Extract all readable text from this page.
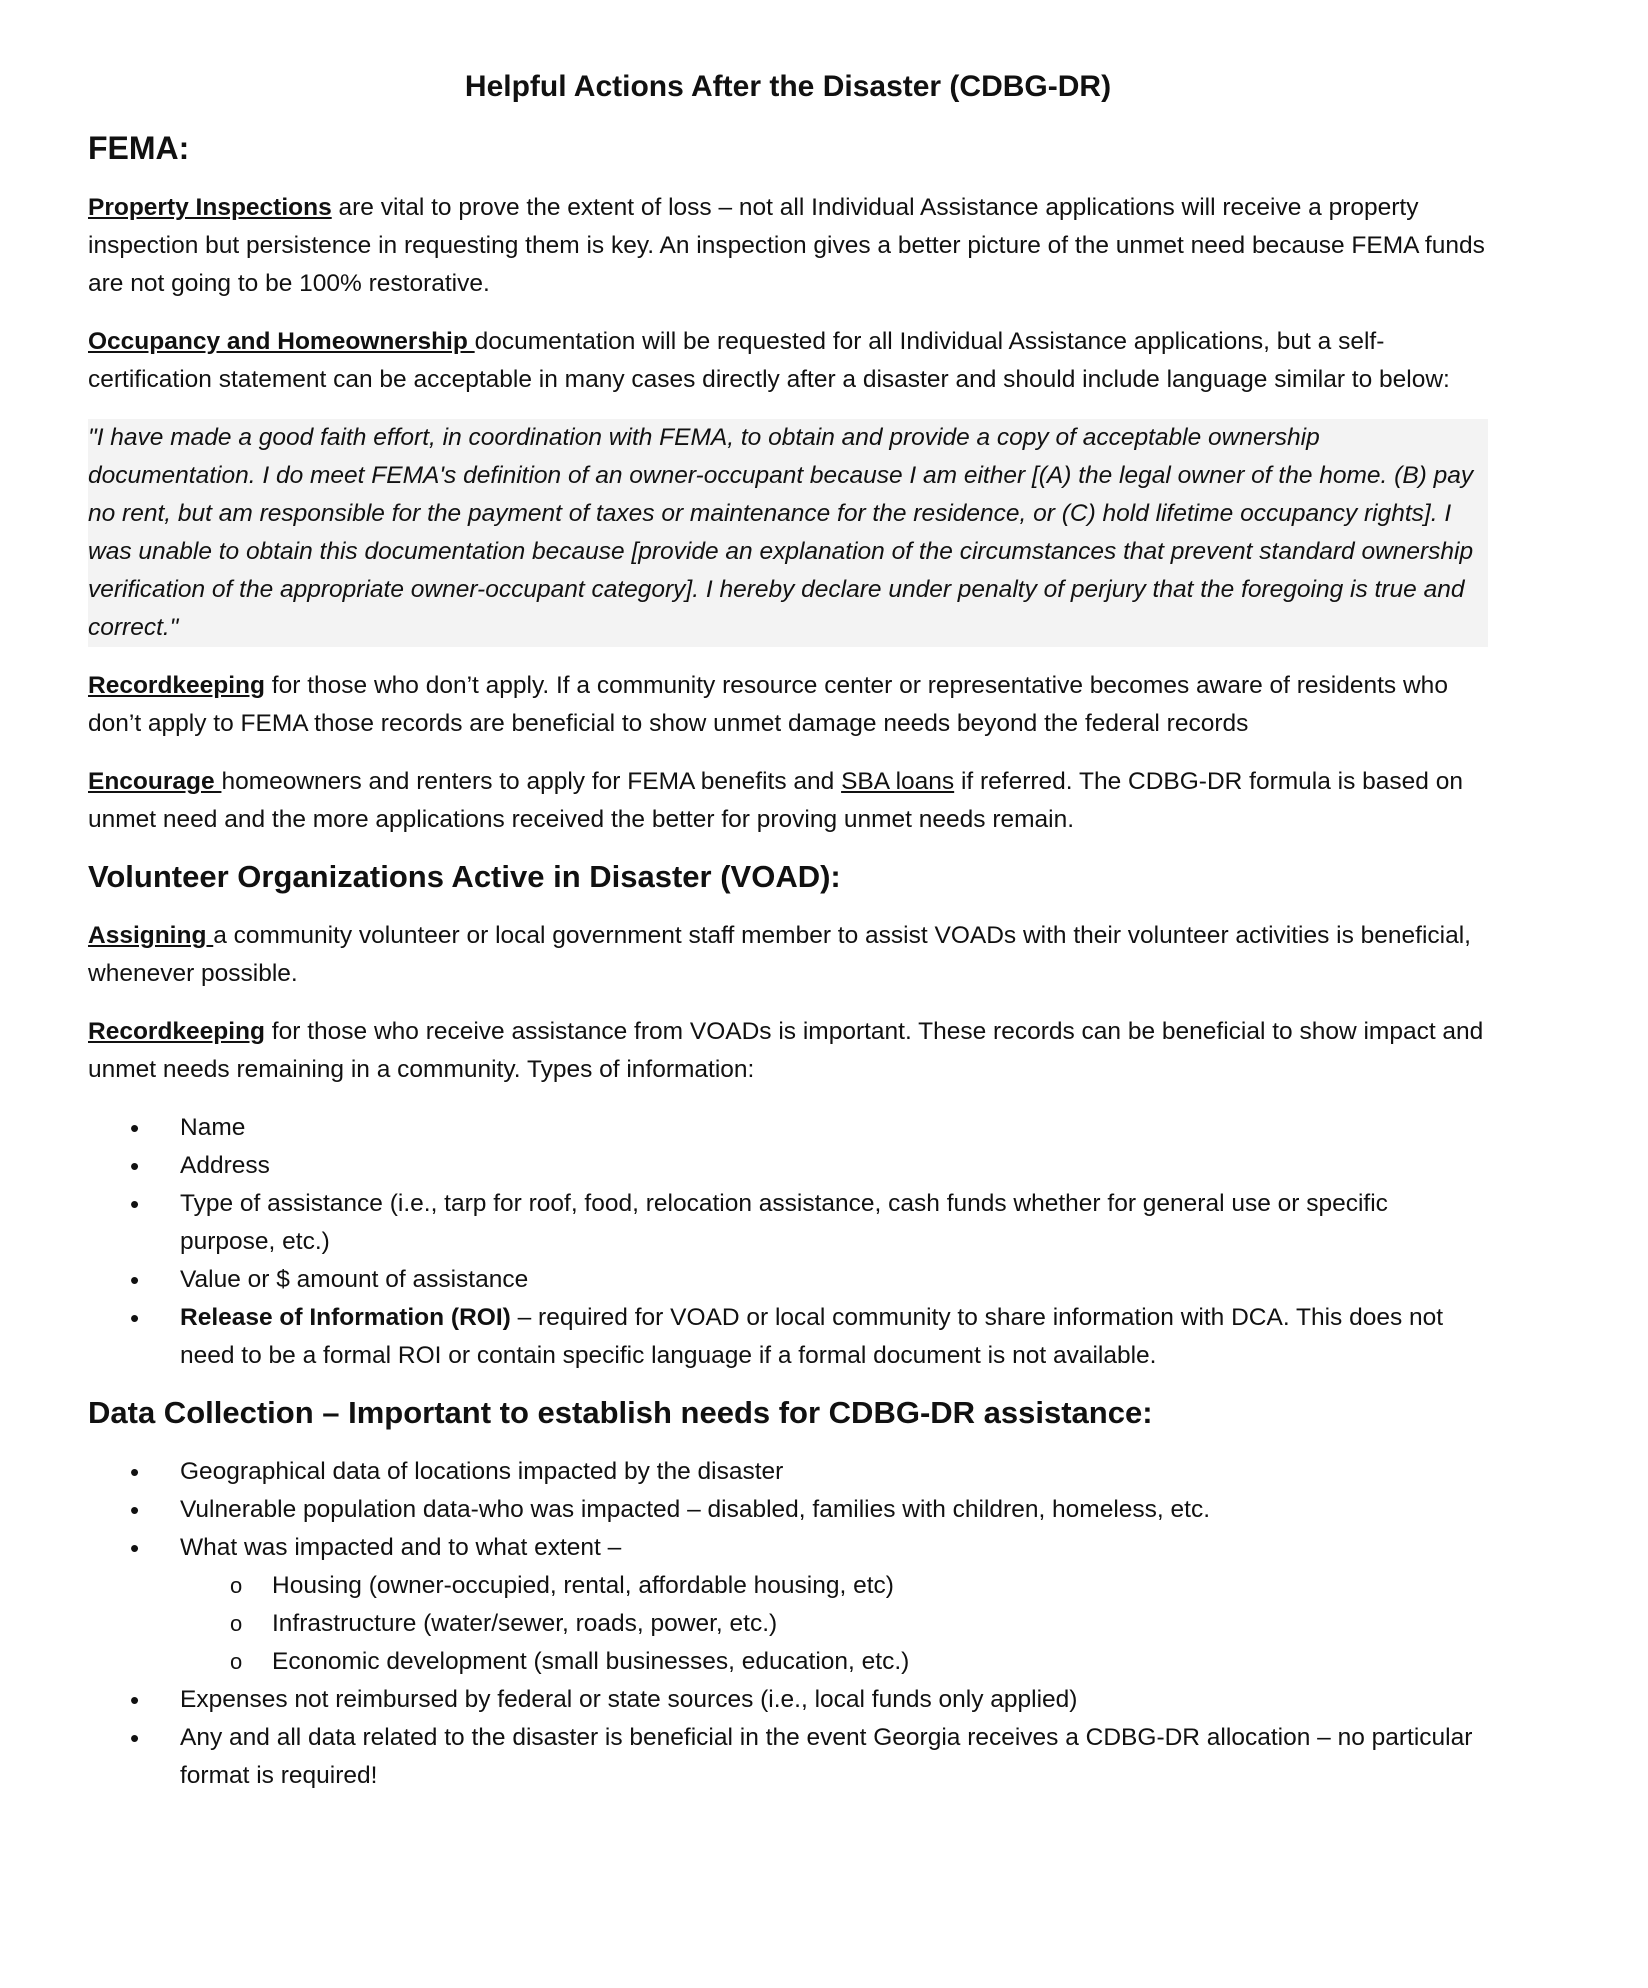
Helpful Actions After the Disaster (CDBG-DR)
FEMA:

Property Inspections are vital to prove the extent of loss – not all Individual Assistance applications will receive a property inspection but persistence in requesting them is key. An inspection gives a better picture of the unmet need because FEMA funds are not going to be 100% restorative.

Occupancy and Homeownership documentation will be requested for all Individual Assistance applications, but a self-certification statement can be acceptable in many cases directly after a disaster and should include language similar to below:

"I have made a good faith effort, in coordination with FEMA, to obtain and provide a copy of acceptable ownership documentation. I do meet FEMA's definition of an owner-occupant because I am either [(A) the legal owner of the home. (B) pay no rent, but am responsible for the payment of taxes or maintenance for the residence, or (C) hold lifetime occupancy rights]. I was unable to obtain this documentation because [provide an explanation of the circumstances that prevent standard ownership verification of the appropriate owner-occupant category]. I hereby declare under penalty of perjury that the foregoing is true and correct."

Recordkeeping for those who don’t apply. If a community resource center or representative becomes aware of residents who don’t apply to FEMA those records are beneficial to show unmet damage needs beyond the federal records

Encourage homeowners and renters to apply for FEMA benefits and SBA loans if referred. The CDBG-DR formula is based on unmet need and the more applications received the better for proving unmet needs remain.

Volunteer Organizations Active in Disaster (VOAD):

Assigning a community volunteer or local government staff member to assist VOADs with their volunteer activities is beneficial, whenever possible.

Recordkeeping for those who receive assistance from VOADs is important. These records can be beneficial to show impact and unmet needs remaining in a community. Types of information:

• Name
• Address
• Type of assistance (i.e., tarp for roof, food, relocation assistance, cash funds whether for general use or specific purpose, etc.)
• Value or $ amount of assistance
• Release of Information (ROI) – required for VOAD or local community to share information with DCA. This does not need to be a formal ROI or contain specific language if a formal document is not available.
Data Collection – Important to establish needs for CDBG-DR assistance:
• Geographical data of locations impacted by the disaster
• Vulnerable population data-who was impacted – disabled, families with children, homeless, etc.
• What was impacted and to what extent –
o Housing (owner-occupied, rental, affordable housing, etc)
o Infrastructure (water/sewer, roads, power, etc.)
o Economic development (small businesses, education, etc.)
• Expenses not reimbursed by federal or state sources (i.e., local funds only applied)
• Any and all data related to the disaster is beneficial in the event Georgia receives a CDBG-DR allocation – no particular format is required!
